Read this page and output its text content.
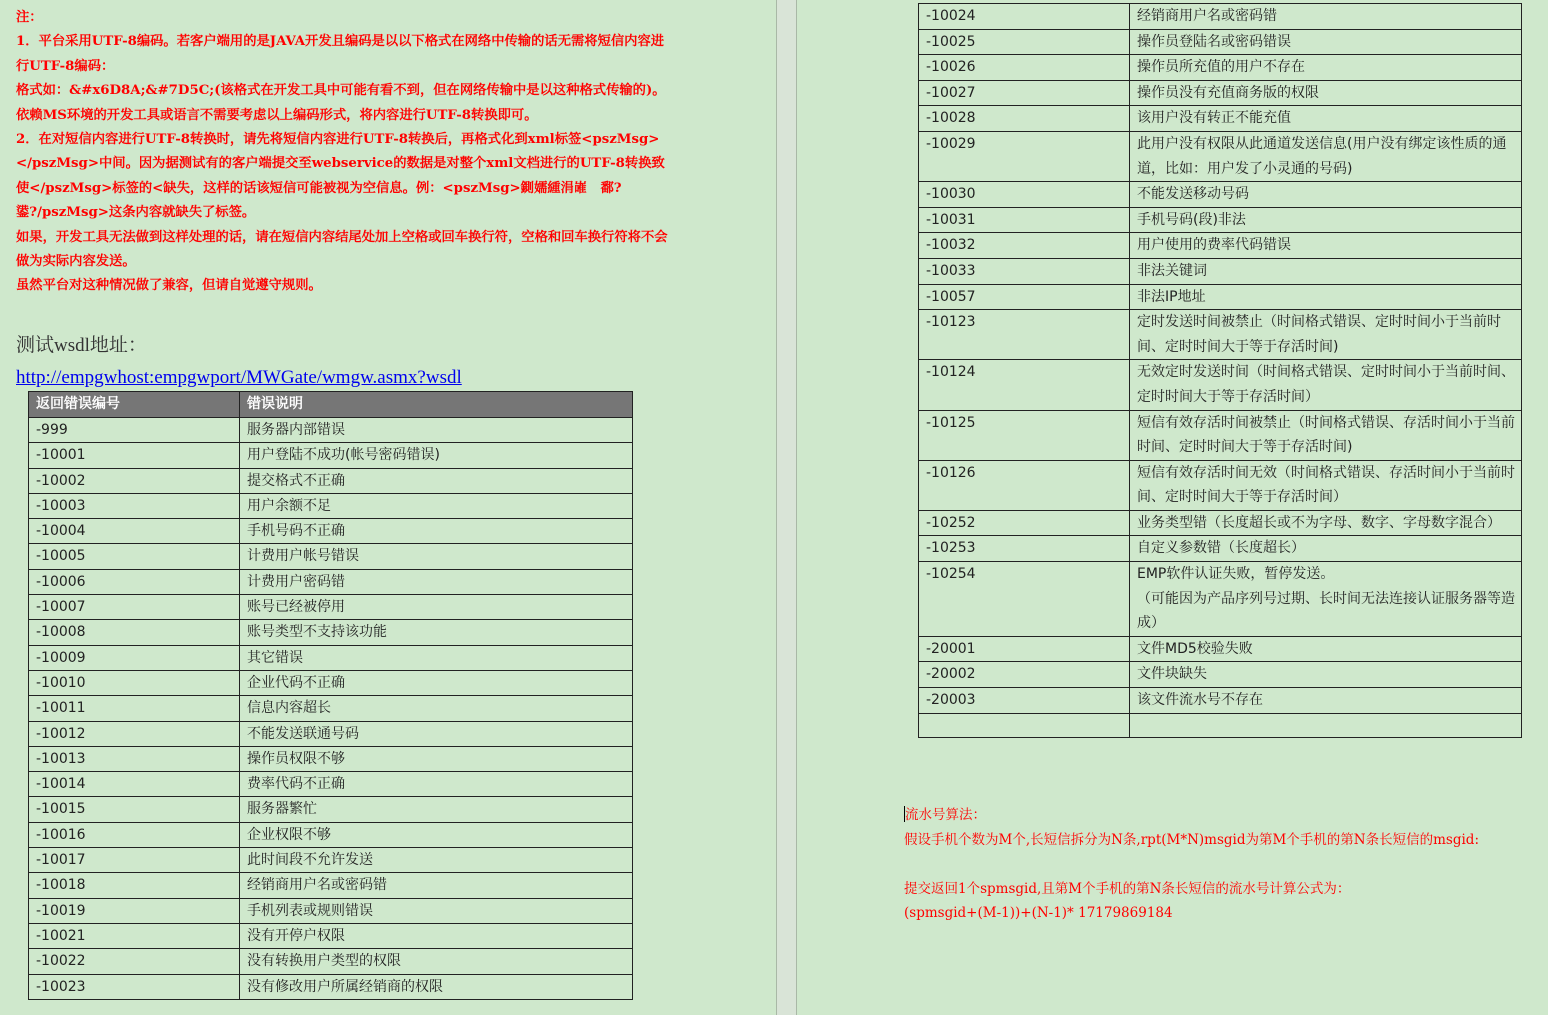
注：

1．平台采用UTF-8编码。若客户端用的是JAVA开发且编码是以以下格式在网络中传输的话无需将短信内容进行UTF-8编码：

格式如：&#x6D8A;&#7D5C;(该格式在开发工具中可能有看不到，但在网络传输中是以这种格式传输的)。依赖MS环境的开发工具或语言不需要考虑以上编码形式，将内容进行UTF-8转换即可。

2．在对短信内容进行UTF-8转换时，请先将短信内容进行UTF-8转换后，再格式化到xml标签<pszMsg></pszMsg>中间。因为据测试有的客户端提交至webservice的数据是对整个xml文档进行的UTF-8转换致使</pszMsg>标签的<缺失，这样的话该短信可能被视为空信息。例：<pszMsg>鍘嬬緟涓嶉　鄱?鍙?/pszMsg>这条内容就缺失了标签。

如果，开发工具无法做到这样处理的话，请在短信内容结尾处加上空格或回车换行符，空格和回车换行符将不会做为实际内容发送。

虽然平台对这种情况做了兼容，但请自觉遵守规则。

测试wsdl地址：
http://empgwhost:empgwport/MWGate/wmgw.asmx?wsdl
返回错误编号	错误说明
-999	服务器内部错误
-10001	用户登陆不成功(帐号密码错误)
-10002	提交格式不正确
-10003	用户余额不足
-10004	手机号码不正确
-10005	计费用户帐号错误
-10006	计费用户密码错
-10007	账号已经被停用
-10008	账号类型不支持该功能
-10009	其它错误
-10010	企业代码不正确
-10011	信息内容超长
-10012	不能发送联通号码
-10013	操作员权限不够
-10014	费率代码不正确
-10015	服务器繁忙
-10016	企业权限不够
-10017	此时间段不允许发送
-10018	经销商用户名或密码错
-10019	手机列表或规则错误
-10021	没有开停户权限
-10022	没有转换用户类型的权限
-10023	没有修改用户所属经销商的权限
-10024	经销商用户名或密码错
-10025	操作员登陆名或密码错误
-10026	操作员所充值的用户不存在
-10027	操作员没有充值商务版的权限
-10028	该用户没有转正不能充值
-10029	此用户没有权限从此通道发送信息(用户没有绑定该性质的通道，比如：用户发了小灵通的号码)
-10030	不能发送移动号码
-10031	手机号码(段)非法
-10032	用户使用的费率代码错误
-10033	非法关键词
-10057	非法IP地址
-10123	定时发送时间被禁止（时间格式错误、定时时间小于当前时间、定时时间大于等于存活时间)
-10124	无效定时发送时间（时间格式错误、定时时间小于当前时间、定时时间大于等于存活时间）
-10125	短信有效存活时间被禁止（时间格式错误、存活时间小于当前时间、定时时间大于等于存活时间)
-10126	短信有效存活时间无效（时间格式错误、存活时间小于当前时间、定时时间大于等于存活时间）
-10252	业务类型错（长度超长或不为字母、数字、字母数字混合）
-10253	自定义参数错（长度超长）
-10254	EMP软件认证失败，暂停发送。
（可能因为产品序列号过期、长时间无法连接认证服务器等造成）
-20001	文件MD5校验失败
-20002	文件块缺失
-20003	该文件流水号不存在

流水号算法：

假设手机个数为M个,长短信拆分为N条,rpt(M*N)msgid为第M个手机的第N条长短信的msgid:

提交返回1个spmsgid,且第M个手机的第N条长短信的流水号计算公式为：

(spmsgid+(M-1))+(N-1)* 17179869184
